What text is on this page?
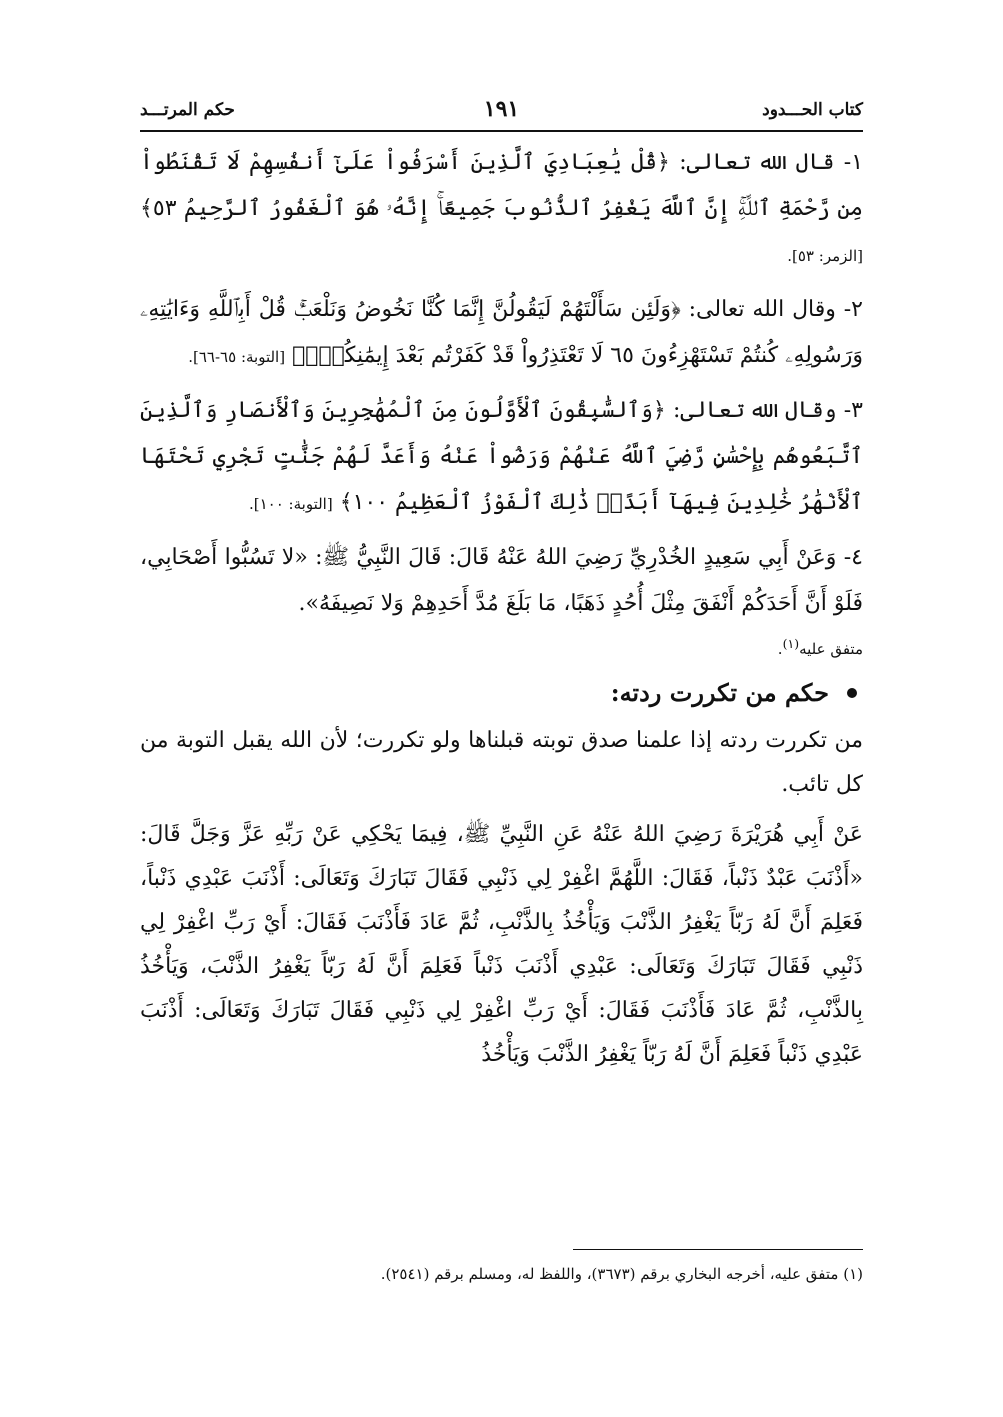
كتاب الحـــدود
١٩١
حكم المرتـــد

١- قال الله تعالى: ﴿قُلْ يَٰعِبَادِيَ ٱلَّذِينَ أَسْرَفُواْ عَلَىٰٓ أَنفُسِهِمْ لَا تَقْنَطُواْ مِن رَّحْمَةِ ٱللَّهِۚ إِنَّ ٱللَّهَ يَغْفِرُ ٱلذُّنُوبَ جَمِيعًاۚ إِنَّهُۥ هُوَ ٱلْغَفُورُ ٱلرَّحِيمُ ٥٣﴾ [الزمر: ٥٣].

٢- وقال الله تعالى: ﴿وَلَئِن سَأَلْتَهُمْ لَيَقُولُنَّ إِنَّمَا كُنَّا نَخُوضُ وَنَلْعَبُۚ قُلْ أَبِٱللَّهِ وَءَايَٰتِهِۦ وَرَسُولِهِۦ كُنتُمْ تَسْتَهْزِءُونَ ٦٥ لَا تَعْتَذِرُواْ قَدْ كَفَرْتُم بَعْدَ إِيمَٰنِكُمْۚ﴾ [التوبة: ٦٥-٦٦].

٣- وقال الله تعالى: ﴿وَٱلسَّٰبِقُونَ ٱلْأَوَّلُونَ مِنَ ٱلْمُهَٰجِرِينَ وَٱلْأَنصَارِ وَٱلَّذِينَ ٱتَّبَعُوهُم بِإِحْسَٰنٍ رَّضِيَ ٱللَّهُ عَنْهُمْ وَرَضُواْ عَنْهُ وَأَعَدَّ لَهُمْ جَنَّٰتٍ تَجْرِي تَحْتَهَا ٱلْأَنْهَٰرُ خَٰلِدِينَ فِيهَآ أَبَدًاۚ ذَٰلِكَ ٱلْفَوْزُ ٱلْعَظِيمُ ١٠٠﴾ [التوبة: ١٠٠].

٤- وَعَنْ أَبِي سَعِيدٍ الخُدْرِيِّ رَضِيَ اللهُ عَنْهُ قَالَ: قَالَ النَّبِيُّ ﷺ: «لا تَسُبُّوا أَصْحَابِي، فَلَوْ أَنَّ أَحَدَكُمْ أَنْفَقَ مِثْلَ أُحُدٍ ذَهَبًا، مَا بَلَغَ مُدَّ أَحَدِهِمْ وَلا نَصِيفَهُ».

متفق عليه$^{(١)}$.
حكم من تكررت ردته:

من تكررت ردته إذا علمنا صدق توبته قبلناها ولو تكررت؛ لأن الله يقبل التوبة من كل تائب.

عَنْ أَبِي هُرَيْرَةَ رَضِيَ اللهُ عَنْهُ عَنِ النَّبِيِّ ﷺ، فِيمَا يَحْكِي عَنْ رَبِّهِ عَزَّ وَجَلَّ قَالَ: «أَذْنَبَ عَبْدٌ ذَنْباً، فَقَالَ: اللَّهُمَّ اغْفِرْ لِي ذَنْبِي فَقَالَ تَبَارَكَ وَتَعَالَى: أَذْنَبَ عَبْدِي ذَنْباً، فَعَلِمَ أَنَّ لَهُ رَبّاً يَغْفِرُ الذَّنْبَ وَيَأْخُذُ بِالذَّنْبِ، ثُمَّ عَادَ فَأَذْنَبَ فَقَالَ: أَيْ رَبِّ اغْفِرْ لِي ذَنْبِي فَقَالَ تَبَارَكَ وَتَعَالَى: عَبْدِي أَذْنَبَ ذَنْباً فَعَلِمَ أَنَّ لَهُ رَبّاً يَغْفِرُ الذَّنْبَ، وَيَأْخُذُ بِالذَّنْبِ، ثُمَّ عَادَ فَأَذْنَبَ فَقَالَ: أَيْ رَبِّ اغْفِرْ لِي ذَنْبِي فَقَالَ تَبَارَكَ وَتَعَالَى: أَذْنَبَ عَبْدِي ذَنْباً فَعَلِمَ أَنَّ لَهُ رَبّاً يَغْفِرُ الذَّنْبَ وَيَأْخُذُ

(١) متفق عليه، أخرجه البخاري برقم (٣٦٧٣)، واللفظ له، ومسلم برقم (٢٥٤١).
